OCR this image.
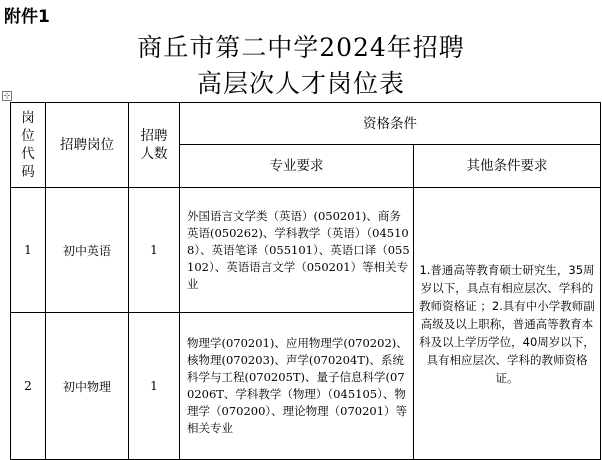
附件1
商丘市第二中学2024年招聘
高层次人才岗位表
⊹
岗位代码	招聘岗位	招聘人数	资格条件	
			专业要求	其他条件要求
1	初中英语	1	外国语言文学类（英语）(050201)、商务英语(050262)、学科教学（英语）（045108）、英语笔译（055101）、英语口译（055102）、英语语言文学（050201）等相关专业	1.普通高等教育硕士研究生，35周岁以下，具点有相应层次、学科的教师资格证 ；2.具有中小学教师副高级及以上职称，普通高等教育本科及以上学历学位，40周岁以下，具有相应层次、学科的教师资格证。
2	初中物理	1	物理学(070201)、应用物理学(070202)、核物理(070203)、声学(070204T)、系统科学与工程(070205T)、量子信息科学(070206T、学科教学（物理）（045105）、物理学（070200）、理论物理（070201）等相关专业	
